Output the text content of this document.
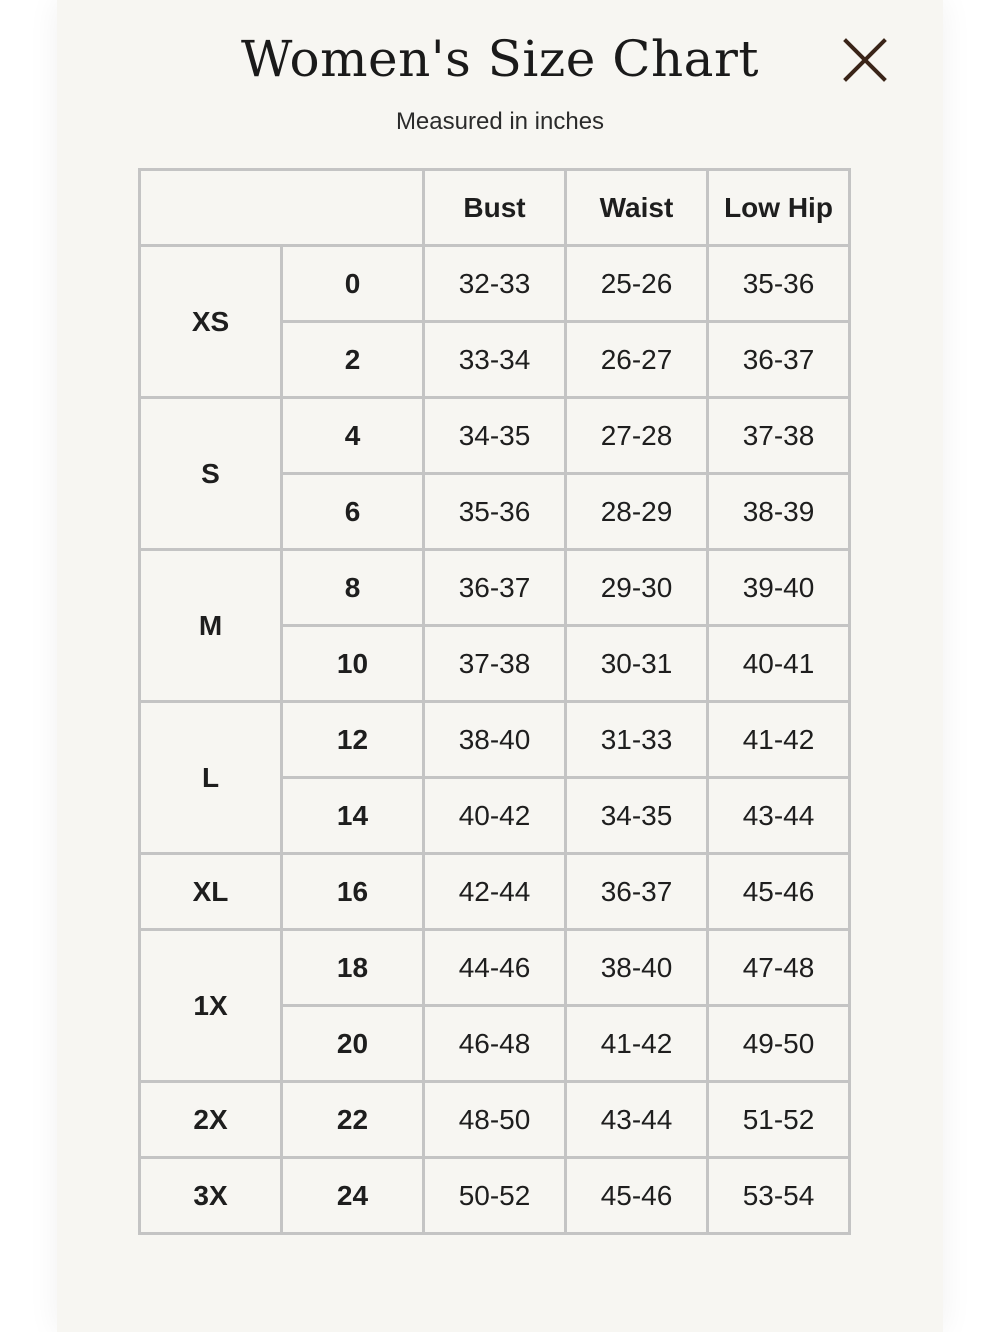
Women's Size Chart
Measured in inches
		Bust	Waist	Low Hip
XS	0	32-33	25-26	35-36
	2	33-34	26-27	36-37
S	4	34-35	27-28	37-38
	6	35-36	28-29	38-39
M	8	36-37	29-30	39-40
	10	37-38	30-31	40-41
L	12	38-40	31-33	41-42
	14	40-42	34-35	43-44
XL	16	42-44	36-37	45-46
1X	18	44-46	38-40	47-48
	20	46-48	41-42	49-50
2X	22	48-50	43-44	51-52
3X	24	50-52	45-46	53-54
